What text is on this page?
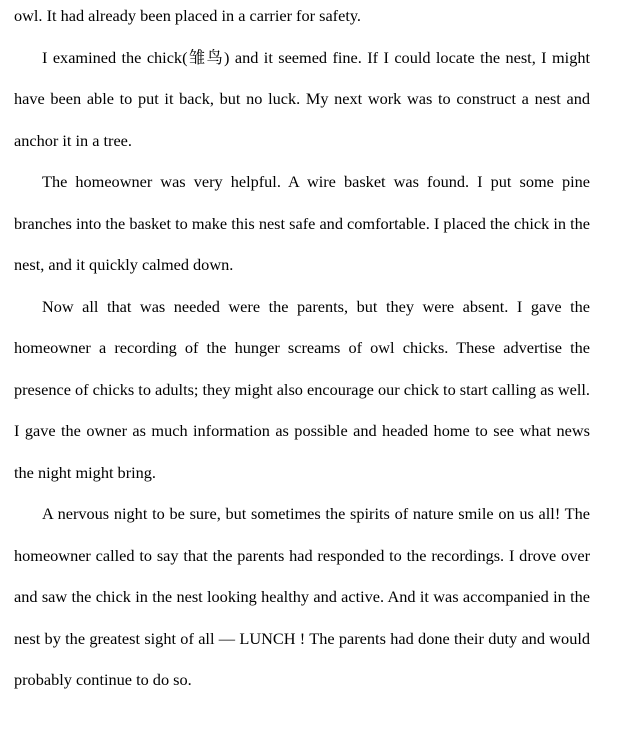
owl. It had already been placed in a carrier for safety.

I examined the chick(雏鸟) and it seemed fine. If I could locate the nest, I might have been able to put it back, but no luck. My next work was to construct a nest and anchor it in a tree.

The homeowner was very helpful. A wire basket was found. I put some pine branches into the basket to make this nest safe and comfortable. I placed the chick in the nest, and it quickly calmed down.

Now all that was needed were the parents, but they were absent. I gave the homeowner a recording of the hunger screams of owl chicks. These advertise the presence of chicks to adults; they might also encourage our chick to start calling as well. I gave the owner as much information as possible and headed home to see what news the night might bring.

A nervous night to be sure, but sometimes the spirits of nature smile on us all! The homeowner called to say that the parents had responded to the recordings. I drove over and saw the chick in the nest looking healthy and active. And it was accompanied in the nest by the greatest sight of all — LUNCH ! The parents had done their duty and would probably continue to do so.
